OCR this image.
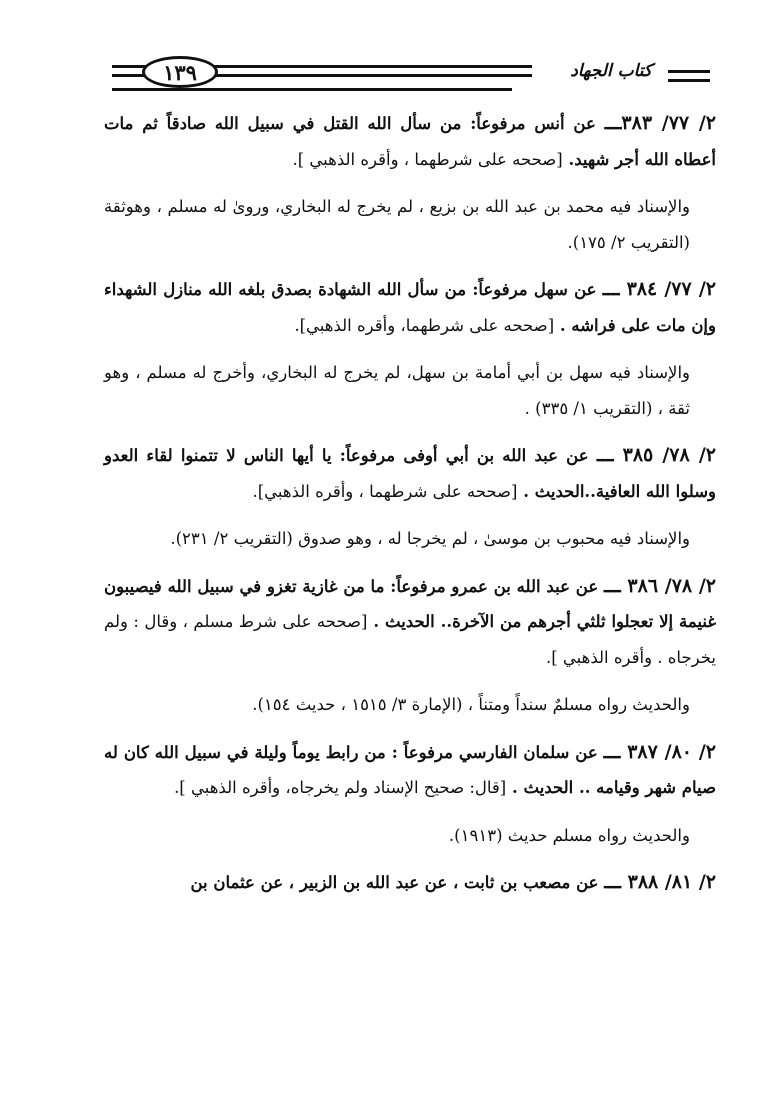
١٣٩	كتاب الجهاد

٢/ ٧٧/ ٣٨٣ـــ عن أنس مرفوعاً: من سأل الله القتل في سبيل الله صادقاً ثم مات أعطاه الله أجر شهيد. [صححه على شرطهما ، وأقره الذهبي ].

والإسناد فيه محمد بن عبد الله بن بزيع ، لم يخرج له البخاري، وروىٰ له مسلم ، وهوثقة (التقريب ٢/ ١٧٥).

٢/ ٧٧/ ٣٨٤ ـــ عن سهل مرفوعاً: من سأل الله الشهادة بصدق بلغه الله منازل الشهداء وإن مات على فراشه . [صححه على شرطهما، وأقره الذهبي].

والإسناد فيه سهل بن أبي أمامة بن سهل، لم يخرج له البخاري، وأخرج له مسلم ، وهو ثقة ، (التقريب ١/ ٣٣٥) .

٢/ ٧٨/ ٣٨٥ ـــ عن عبد الله بن أبي أوفى مرفوعاً: يا أيها الناس لا تتمنوا لقاء العدو وسلوا الله العافية..الحديث . [صححه على شرطهما ، وأقره الذهبي].

والإسناد فيه محبوب بن موسىٰ ، لم يخرجا له ، وهو صدوق (التقريب ٢/ ٢٣١).

٢/ ٧٨/ ٣٨٦ ـــ عن عبد الله بن عمرو مرفوعاً: ما من غازية تغزو في سبيل الله فيصيبون غنيمة إلا تعجلوا ثلثي أجرهم من الآخرة.. الحديث . [صححه على شرط مسلم ، وقال : ولم يخرجاه . وأقره الذهبي ].

والحديث رواه مسلمٌ سنداً ومتناً ، (الإمارة ٣/ ١٥١٥ ، حديث ١٥٤).

٢/ ٨٠/ ٣٨٧ ـــ عن سلمان الفارسي مرفوعاً : من رابط يوماً وليلة في سبيل الله كان له صيام شهر وقيامه .. الحديث . [قال: صحيح الإسناد ولم يخرجاه، وأقره الذهبي ].

والحديث رواه مسلم حديث (١٩١٣).

٢/ ٨١/ ٣٨٨ ـــ عن مصعب بن ثابت ، عن عبد الله بن الزبير ، عن عثمان بن
